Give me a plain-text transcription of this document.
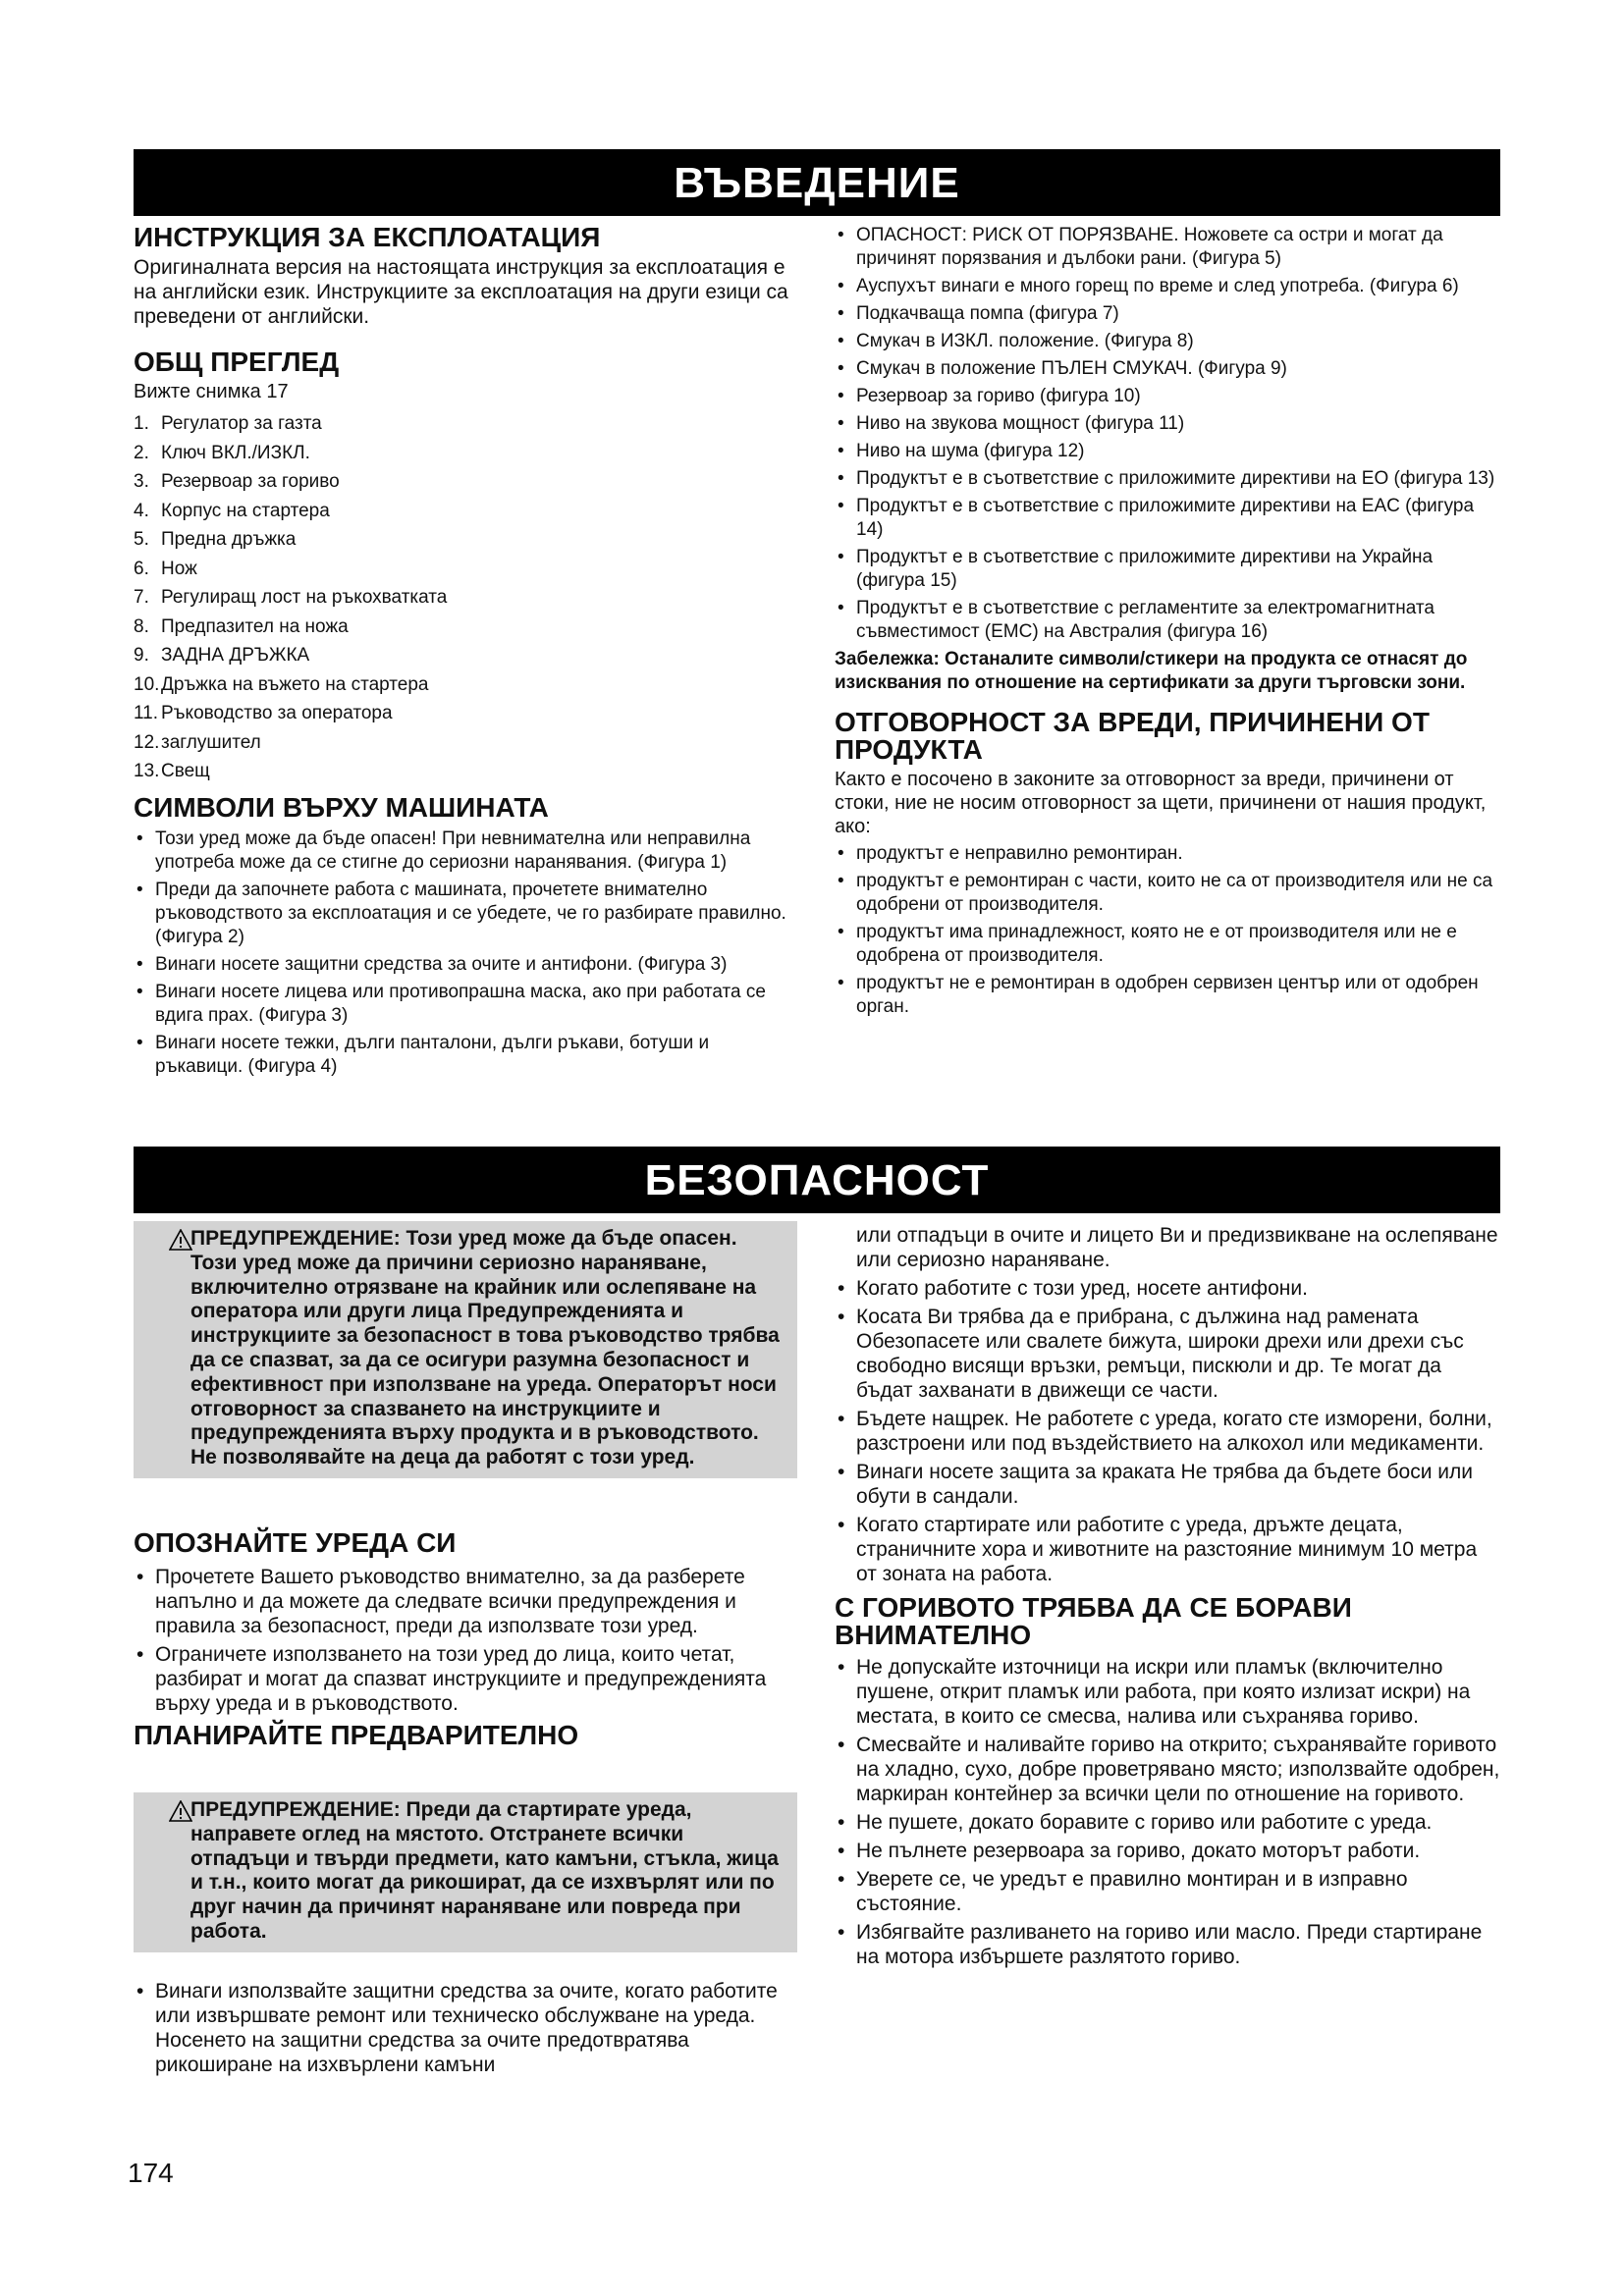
ВЪВЕДЕНИЕ
ИНСТРУКЦИЯ ЗА ЕКСПЛОАТАЦИЯ

Оригиналната версия на настоящата инструкция за експлоатация е на английски език. Инструкциите за експлоатация на други езици са преведени от английски.

ОБЩ ПРЕГЛЕД

Вижте снимка 17

1. Регулатор за газта
2. Ключ ВКЛ./ИЗКЛ.
3. Резервоар за гориво
4. Корпус на стартера
5. Предна дръжка
6. Нож
7. Регулиращ лост на ръкохватката
8. Предпазител на ножа
9. ЗАДНА ДРЪЖКА
10.Дръжка на въжето на стартера
11. Ръководство за оператора
12.заглушител
13.Свещ
СИМВОЛИ ВЪРХУ МАШИНАТА
• Този уред може да бъде опасен! При невнимателна или неправилна употреба може да се стигне до сериозни наранявания. (Фигура 1)
• Преди да започнете работа с машината, прочетете внимателно ръководството за експлоатация и се убедете, че го разбирате правилно. (Фигура 2)
• Винаги носете защитни средства за очите и антифони. (Фигура 3)
• Винаги носете лицева или противопрашна маска, ако при работата се вдига прах. (Фигура 3)
• Винаги носете тежки, дълги панталони, дълги ръкави, ботуши и ръкавици. (Фигура 4)
• ОПАСНОСТ: РИСК ОТ ПОРЯЗВАНЕ. Ножовете са остри и могат да причинят порязвания и дълбоки рани. (Фигура 5)
• Ауспухът винаги е много горещ по време и след употреба. (Фигура 6)
• Подкачваща помпа (фигура 7)
• Смукач в ИЗКЛ. положение. (Фигура 8)
• Смукач в положение ПЪЛЕН СМУКАЧ. (Фигура 9)
• Резервоар за гориво (фигура 10)
• Ниво на звукова мощност (фигура 11)
• Ниво на шума (фигура 12)
• Продуктът е в съответствие с приложимите директиви на ЕО (фигура 13)
• Продуктът е в съответствие с приложимите директиви на EAC (фигура 14)
• Продуктът е в съответствие с приложимите директиви на Украйна (фигура 15)
• Продуктът е в съответствие с регламентите за електромагнитната съвместимост (EMC) на Австралия (фигура 16)

Забележка: Останалите символи/стикери на продукта се отнасят до изисквания по отношение на сертификати за други търговски зони.

ОТГОВОРНОСТ ЗА ВРЕДИ, ПРИЧИНЕНИ ОТ ПРОДУКТА

Както е посочено в законите за отговорност за вреди, причинени от стоки, ние не носим отговорност за щети, причинени от нашия продукт, ако:

• продуктът е неправилно ремонтиран.
• продуктът е ремонтиран с части, които не са от производителя или не са одобрени от производителя.
• продуктът има принадлежност, която не е от производителя или не е одобрена от производителя.
• продуктът не е ремонтиран в одобрен сервизен център или от одобрен орган.
БЕЗОПАСНОСТ
ПРЕДУПРЕЖДЕНИЕ: Този уред може да бъде опасен. Този уред може да причини сериозно нараняване, включително отрязване на крайник или ослепяване на оператора или други лица Предупрежденията и инструкциите за безопасност в това ръководство трябва да се спазват, за да се осигури разумна безопасност и ефективност при използване на уреда. Операторът носи отговорност за спазването на инструкциите и предупрежденията върху продукта и в ръководството. Не позволявайте на деца да работят с този уред.
ОПОЗНАЙТЕ УРЕДА СИ
• Прочетете Вашето ръководство внимателно, за да разберете напълно и да можете да следвате всички предупреждения и правила за безопасност, преди да използвате този уред.
• Ограничете използването на този уред до лица, които четат, разбират и могат да спазват инструкциите и предупрежденията върху уреда и в ръководството.
ПЛАНИРАЙТЕ ПРЕДВАРИТЕЛНО
ПРЕДУПРЕЖДЕНИЕ: Преди да стартирате уреда, направете оглед на мястото. Отстранете всички отпадъци и твърди предмети, като камъни, стъкла, жица и т.н., които могат да рикошират, да се изхвърлят или по друг начин да причинят нараняване или повреда при работа.
• Винаги използвайте защитни средства за очите, когато работите или извършвате ремонт или техническо обслужване на уреда. Носенето на защитни средства за очите предотвратява рикоширане на изхвърлени камъни

или отпадъци в очите и лицето Ви и предизвикване на ослепяване или сериозно нараняване.

• Когато работите с този уред, носете антифони.
• Косата Ви трябва да е прибрана, с дължина над рамената Обезопасете или свалете бижута, широки дрехи или дрехи със свободно висящи връзки, ремъци, пискюли и др. Те могат да бъдат захванати в движещи се части.
• Бъдете нащрек. Не работете с уреда, когато сте изморени, болни, разстроени или под въздействието на алкохол или медикаменти.
• Винаги носете защита за краката Не трябва да бъдете боси или обути в сандали.
• Когато стартирате или работите с уреда, дръжте децата, страничните хора и животните на разстояние минимум 10 метра от зоната на работа.
С ГОРИВОТО ТРЯБВА ДА СЕ БОРАВИ ВНИМАТЕЛНО
• Не допускайте източници на искри или пламък (включително пушене, открит пламък или работа, при която излизат искри) на местата, в които се смесва, налива или съхранява гориво.
• Смесвайте и наливайте гориво на открито; съхранявайте горивото на хладно, сухо, добре проветрявано място; използвайте одобрен, маркиран контейнер за всички цели по отношение на горивото.
• Не пушете, докато боравите с гориво или работите с уреда.
• Не пълнете резервоара за гориво, докато моторът работи.
• Уверете се, че уредът е правилно монтиран и в изправно състояние.
• Избягвайте разливането на гориво или масло. Преди стартиране на мотора избършете разлятото гориво.
174
